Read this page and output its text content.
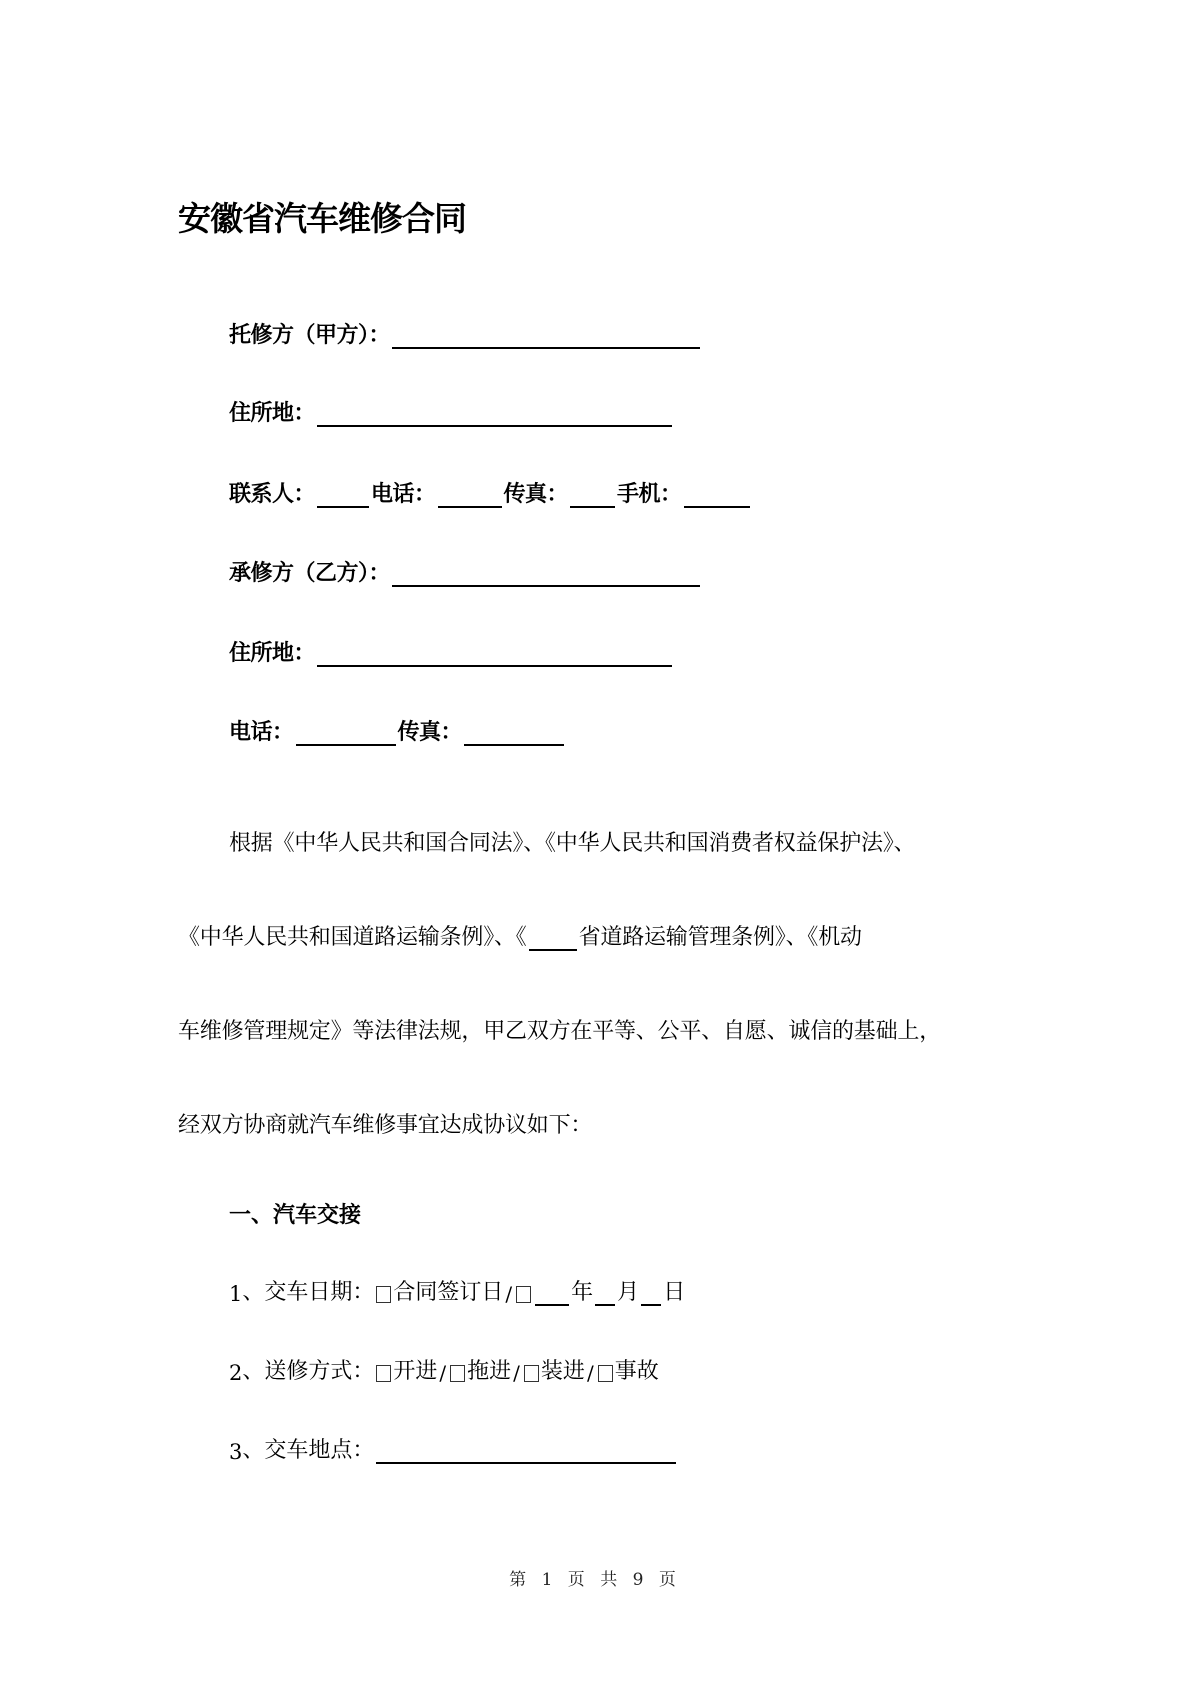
安徽省汽车维修合同
托修方（甲方）：
住所地：
联系人：	电话：	传真： 手机：
承修方（乙方）：
住所地：
电话：	传真：
根据《中华人民共和国合同法》、《中华人民共和国消费者权益保护法》、
《中华人民共和国道路运输条例》、《 省道路运输管理条例》、《机动
车维修管理规定》等法律法规，甲乙双方在平等、公平、自愿、诚信的基础上，
经双方协商就汽车维修事宜达成协议如下：
一、汽车交接
1 、交车日期： 合同签订日 /	年 月 日
2 、送修方式： 开进 / 拖进 / 装进 / 事故
3 、交车地点：
第 1 页 共 9 页
